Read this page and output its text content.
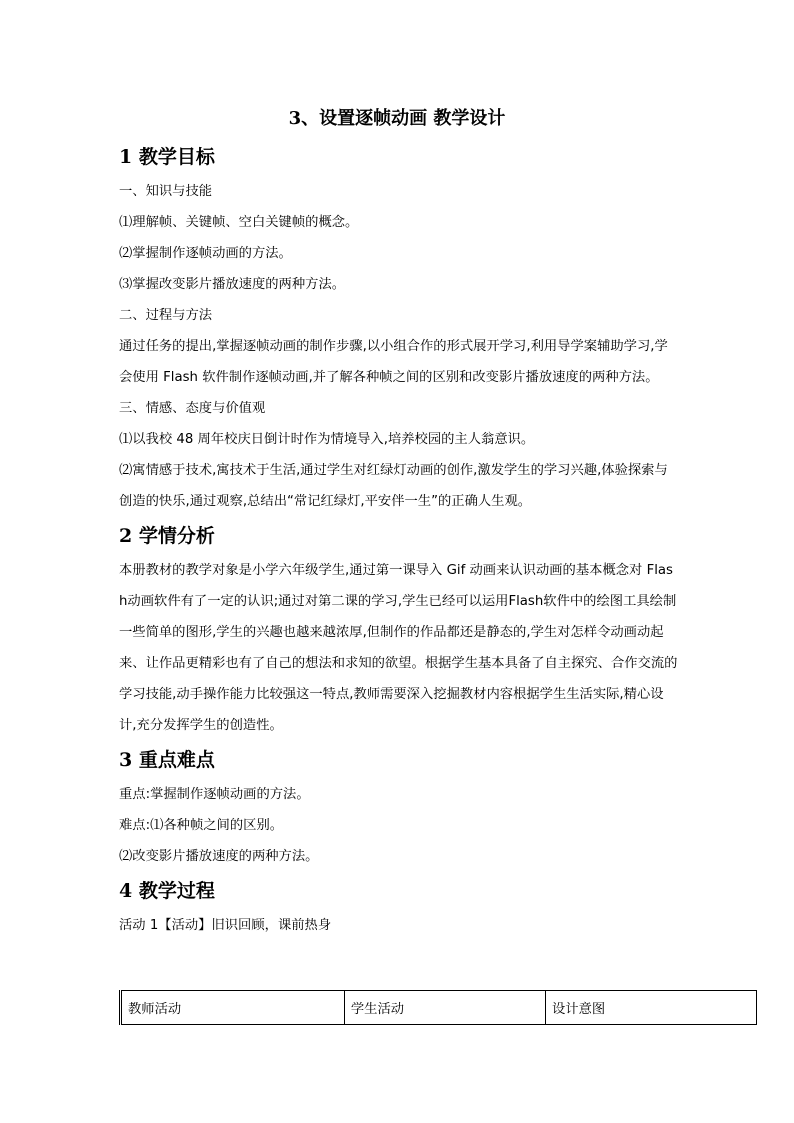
3、设置逐帧动画 教学设计
1 教学目标

一、知识与技能

⑴理解帧、关键帧、空白关键帧的概念。

⑵掌握制作逐帧动画的方法。

⑶掌握改变影片播放速度的两种方法。

二、过程与方法

通过任务的提出,掌握逐帧动画的制作步骤,以小组合作的形式展开学习,利用导学案辅助学习,学会使用 Flash 软件制作逐帧动画,并了解各种帧之间的区别和改变影片播放速度的两种方法。

三、情感、态度与价值观

⑴以我校 48 周年校庆日倒计时作为情境导入,培养校园的主人翁意识。

⑵寓情感于技术,寓技术于生活,通过学生对红绿灯动画的创作,激发学生的学习兴趣,体验探索与创造的快乐,通过观察,总结出“常记红绿灯,平安伴一生”的正确人生观。

2 学情分析

本册教材的教学对象是小学六年级学生,通过第一课导入 Gif 动画来认识动画的基本概念对 Flash动画软件有了一定的认识;通过对第二课的学习,学生已经可以运用Flash软件中的绘图工具绘制一些简单的图形,学生的兴趣也越来越浓厚,但制作的作品都还是静态的,学生对怎样令动画动起来、让作品更精彩也有了自己的想法和求知的欲望。根据学生基本具备了自主探究、合作交流的学习技能,动手操作能力比较强这一特点,教师需要深入挖掘教材内容根据学生生活实际,精心设计,充分发挥学生的创造性。

3 重点难点

重点:掌握制作逐帧动画的方法。

难点:⑴各种帧之间的区别。

⑵改变影片播放速度的两种方法。

4 教学过程

活动 1【活动】旧识回顾，课前热身

教师活动	学生活动	设计意图
